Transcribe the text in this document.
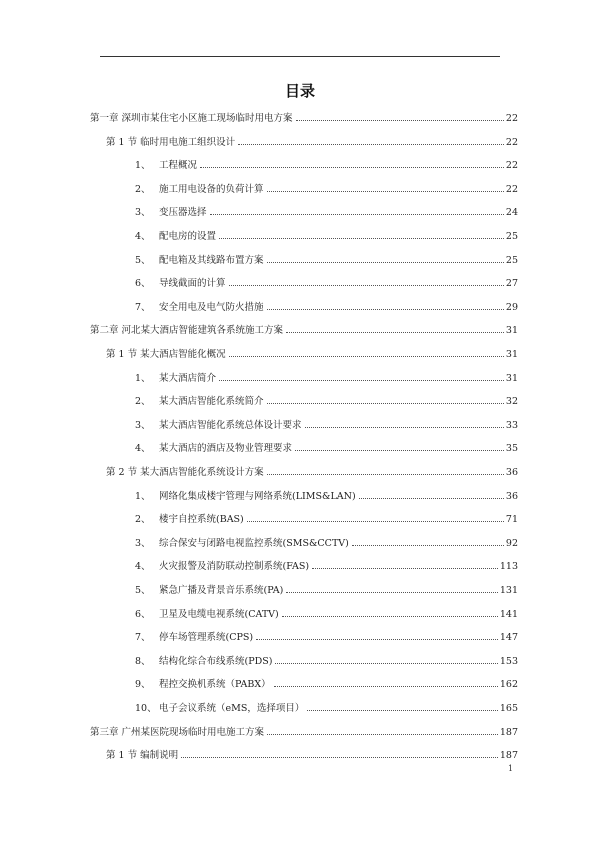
目录
第一章 深圳市某住宅小区施工现场临时用电方案	22
第 1 节 临时用电施工组织设计	22
1、 工程概况	22
2、 施工用电设备的负荷计算	22
3、 变压器选择	24
4、 配电房的设置	25
5、 配电箱及其线路布置方案	25
6、 导线截面的计算	27
7、 安全用电及电气防火措施	29
第二章 河北某大酒店智能建筑各系统施工方案	31
第 1 节 某大酒店智能化概况	31
1、 某大酒店简介	31
2、 某大酒店智能化系统简介	32
3、 某大酒店智能化系统总体设计要求	33
4、 某大酒店的酒店及物业管理要求	35
第 2 节 某大酒店智能化系统设计方案	36
1、 网络化集成楼宇管理与网络系统(LIMS&LAN)	36
2、 楼宇自控系统(BAS)	71
3、 综合保安与闭路电视监控系统(SMS&CCTV)	92
4、 火灾报警及消防联动控制系统(FAS)	113
5、 紧急广播及背景音乐系统(PA)	131
6、 卫星及电缆电视系统(CATV)	141
7、 停车场管理系统(CPS)	147
8、 结构化综合布线系统(PDS)	153
9、 程控交换机系统（PABX）	162
10、 电子会议系统（eMS，选择项目）	165
第三章 广州某医院现场临时用电施工方案	187
第 1 节 编制说明	187
1
